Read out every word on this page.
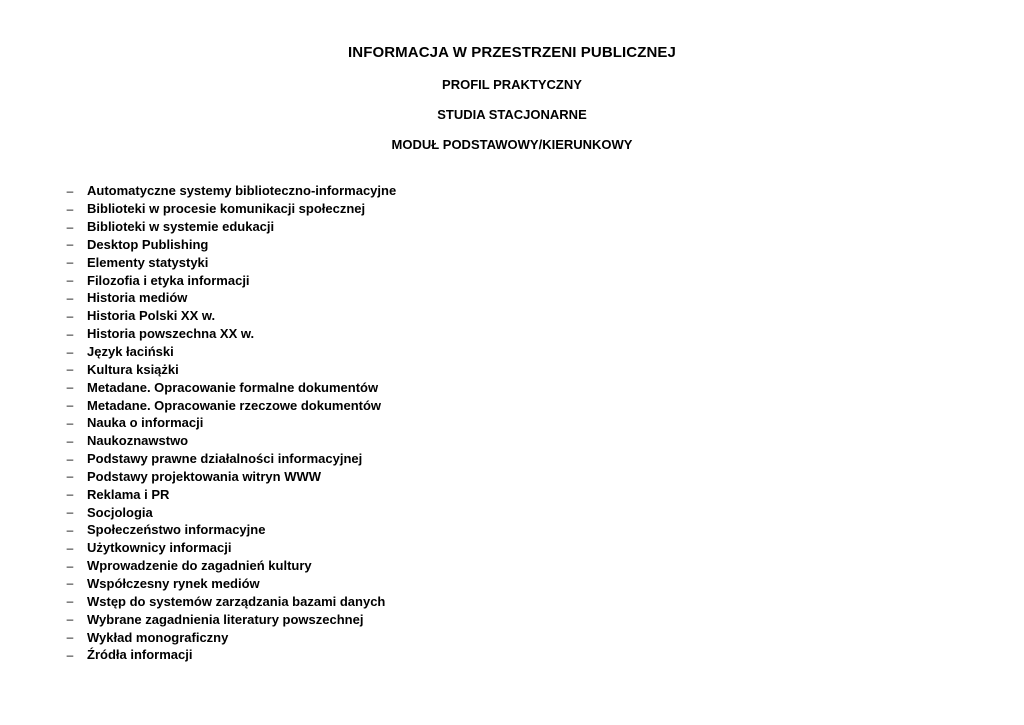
INFORMACJA W PRZESTRZENI PUBLICZNEJ
PROFIL PRAKTYCZNY
STUDIA STACJONARNE
MODUŁ PODSTAWOWY/KIERUNKOWY
– Automatyczne systemy biblioteczno-informacyjne
– Biblioteki w procesie komunikacji społecznej
– Biblioteki w systemie edukacji
– Desktop Publishing
– Elementy statystyki
– Filozofia i etyka informacji
– Historia mediów
– Historia Polski XX w.
– Historia powszechna XX w.
– Język łaciński
– Kultura książki
– Metadane. Opracowanie formalne dokumentów
– Metadane. Opracowanie rzeczowe dokumentów
– Nauka o informacji
– Naukoznawstwo
– Podstawy prawne działalności informacyjnej
– Podstawy projektowania witryn WWW
– Reklama i PR
– Socjologia
– Społeczeństwo informacyjne
– Użytkownicy informacji
– Wprowadzenie do zagadnień kultury
– Współczesny rynek mediów
– Wstęp do systemów zarządzania bazami danych
– Wybrane zagadnienia literatury powszechnej
– Wykład monograficzny
– Źródła informacji
